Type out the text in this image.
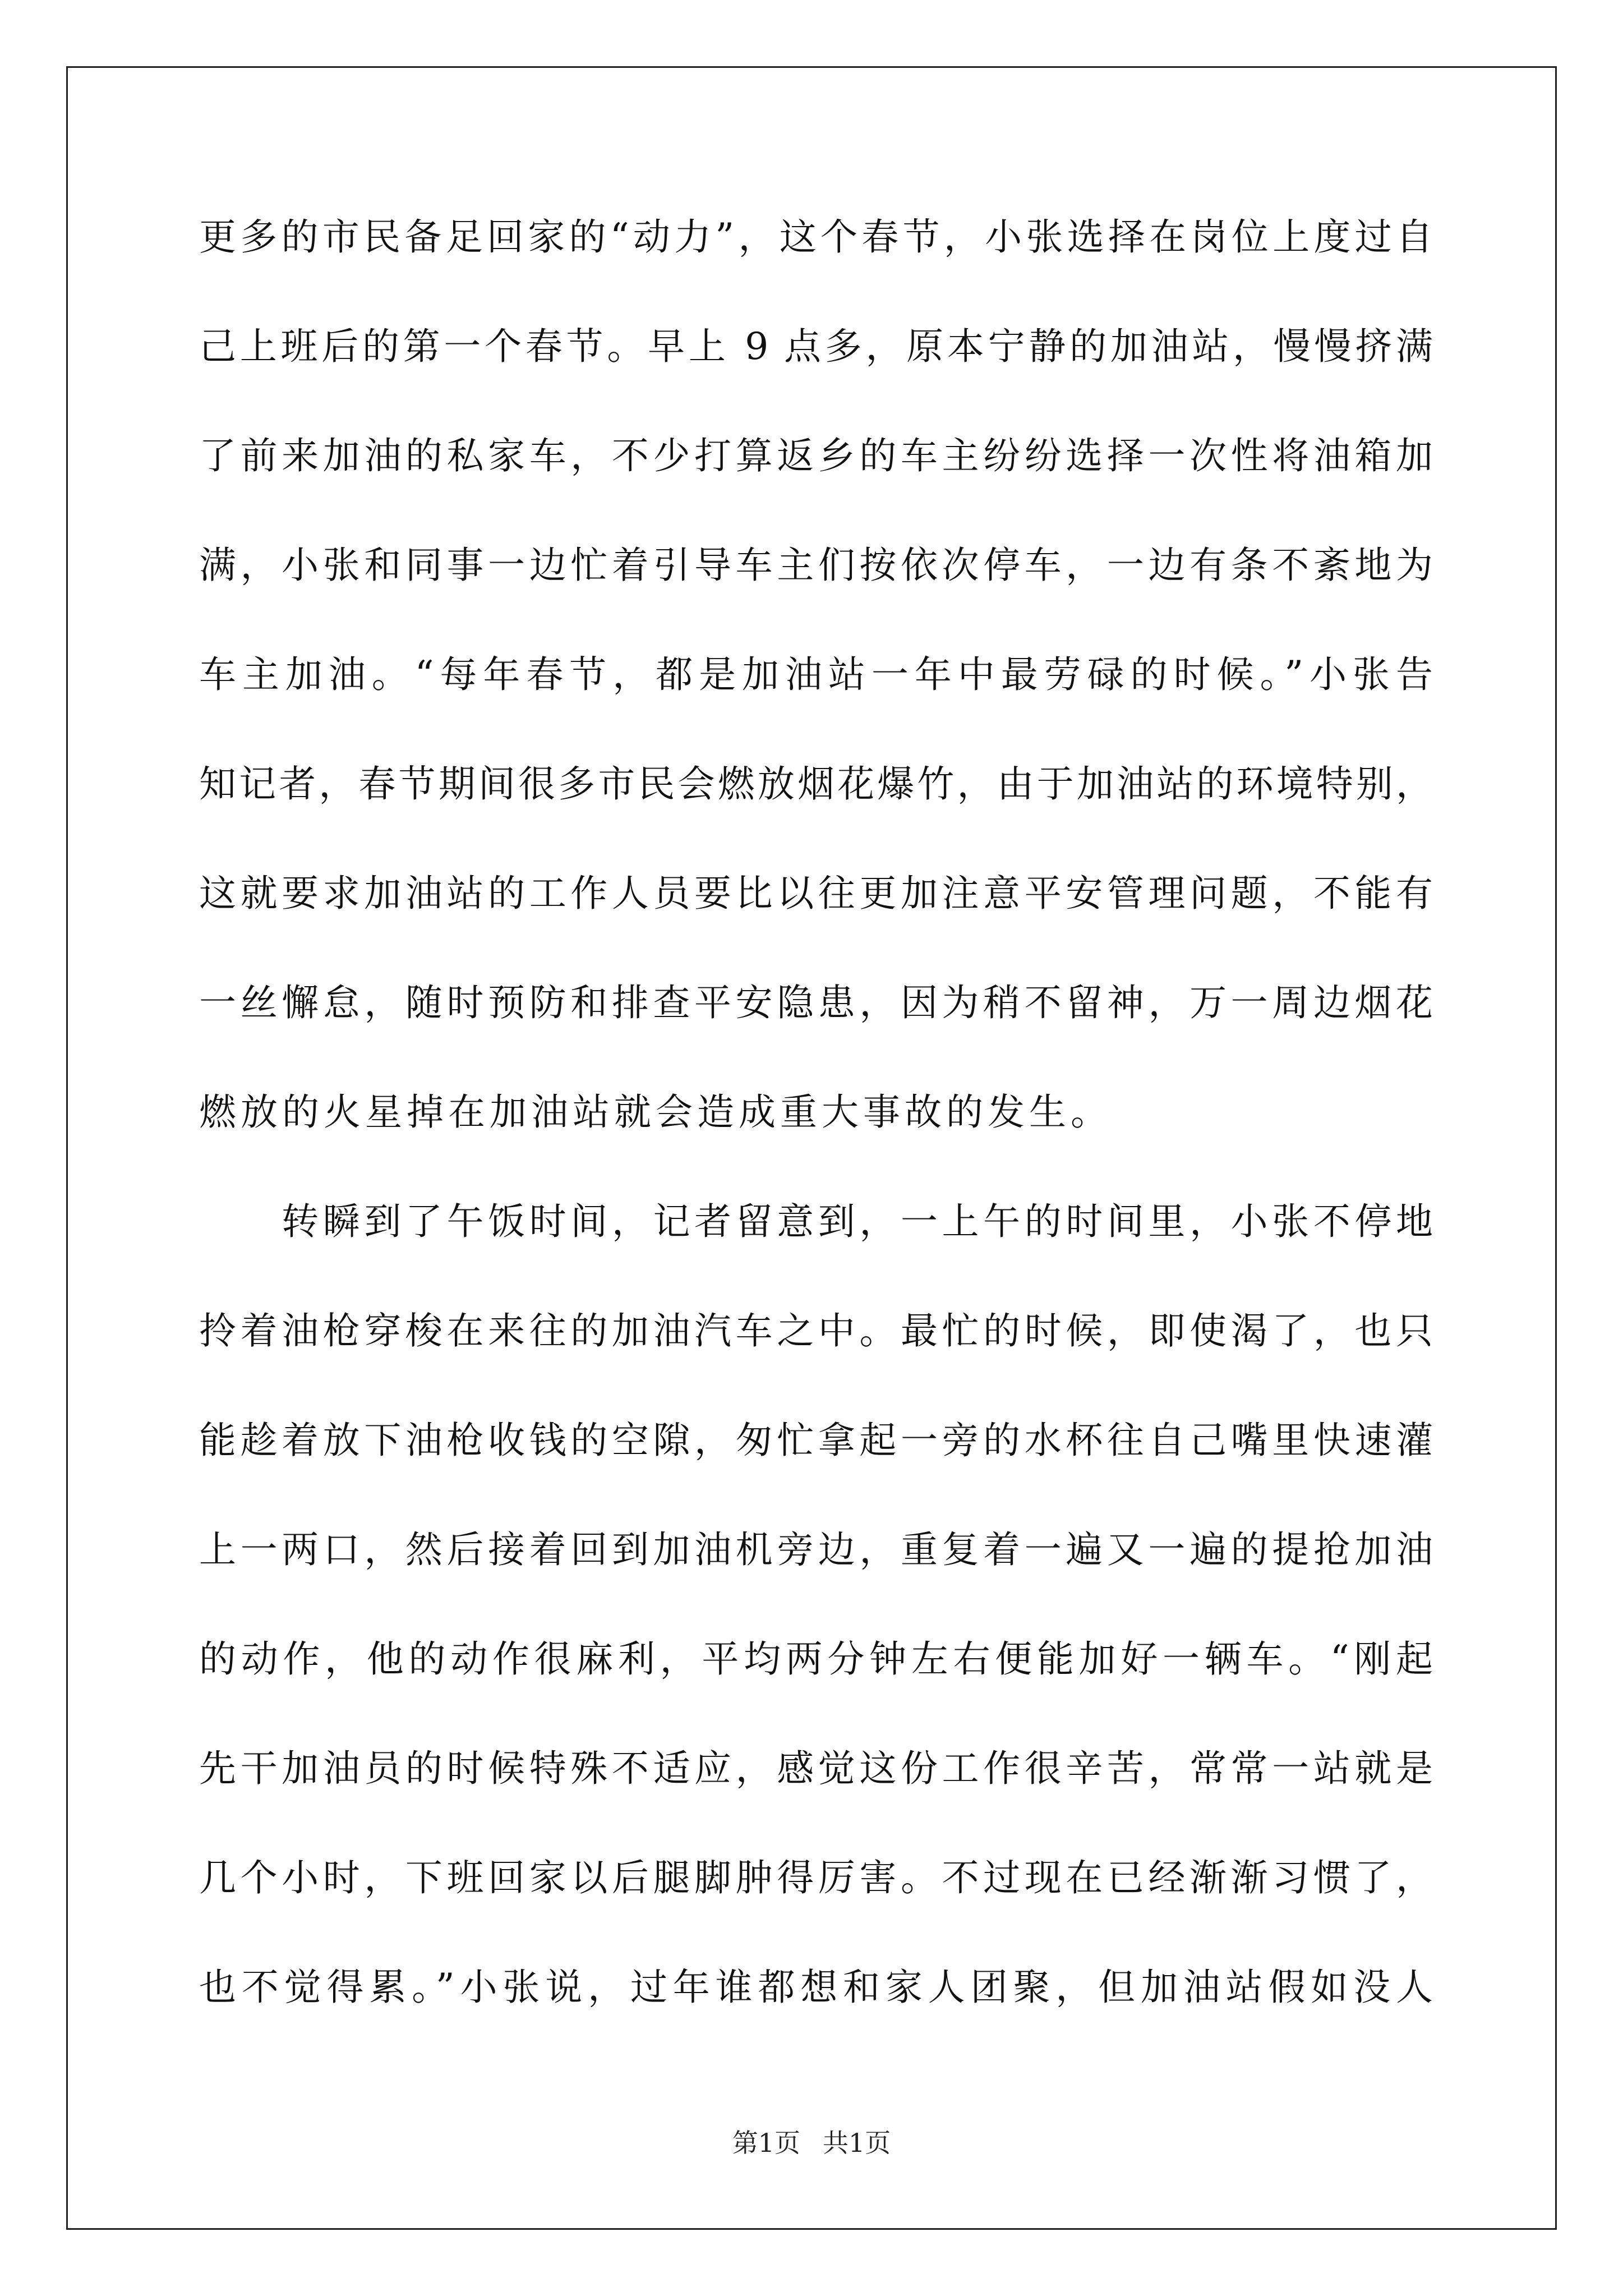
更多的市民备足回家的“动力”，这个春节，小张选择在岗位上度过自
己上班后的第一个春节。早上 9 点多，原本宁静的加油站，慢慢挤满
了前来加油的私家车，不少打算返乡的车主纷纷选择一次性将油箱加
满，小张和同事一边忙着引导车主们按依次停车，一边有条不紊地为
车主加油。“每年春节，都是加油站一年中最劳碌的时候。”小张告
知记者，春节期间很多市民会燃放烟花爆竹，由于加油站的环境特别，
这就要求加油站的工作人员要比以往更加注意平安管理问题，不能有
一丝懈怠，随时预防和排查平安隐患，因为稍不留神，万一周边烟花
燃放的火星掉在加油站就会造成重大事故的发生。
　　转瞬到了午饭时间，记者留意到，一上午的时间里，小张不停地
拎着油枪穿梭在来往的加油汽车之中。最忙的时候，即使渴了，也只
能趁着放下油枪收钱的空隙，匆忙拿起一旁的水杯往自己嘴里快速灌
上一两口，然后接着回到加油机旁边，重复着一遍又一遍的提抢加油
的动作，他的动作很麻利，平均两分钟左右便能加好一辆车。“刚起
先干加油员的时候特殊不适应，感觉这份工作很辛苦，常常一站就是
几个小时，下班回家以后腿脚肿得厉害。不过现在已经渐渐习惯了，
也不觉得累。”小张说，过年谁都想和家人团聚，但加油站假如没人
第1页 共1页
